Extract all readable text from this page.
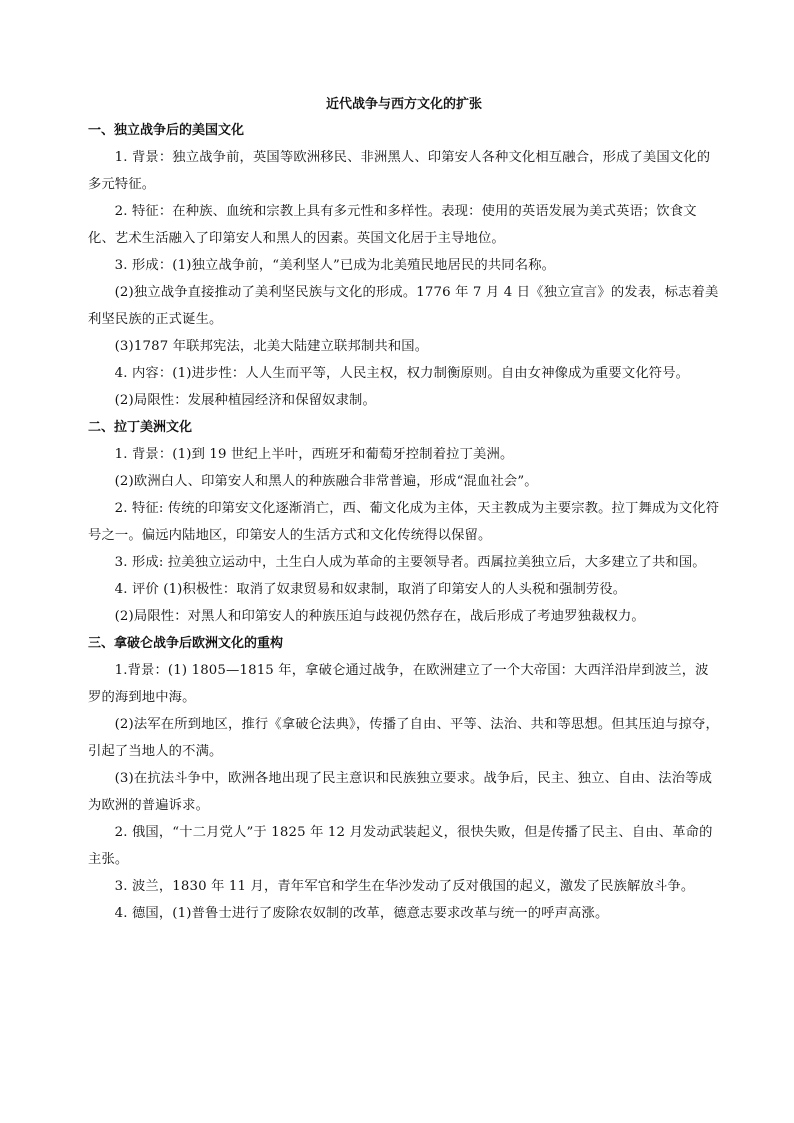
近代战争与西方文化的扩张
一、独立战争后的美国文化

1. 背景：独立战争前，英国等欧洲移民、非洲黑人、印第安人各种文化相互融合，形成了美国文化的多元特征。

2. 特征：在种族、血统和宗教上具有多元性和多样性。表现：使用的英语发展为美式英语；饮食文化、艺术生活融入了印第安人和黑人的因素。英国文化居于主导地位。

3. 形成：(1)独立战争前，“美利坚人”已成为北美殖民地居民的共同名称。

(2)独立战争直接推动了美利坚民族与文化的形成。1776 年 7 月 4 日《独立宣言》的发表，标志着美利坚民族的正式诞生。

(3)1787 年联邦宪法，北美大陆建立联邦制共和国。

4. 内容：(1)进步性：人人生而平等，人民主权，权力制衡原则。自由女神像成为重要文化符号。

(2)局限性：发展种植园经济和保留奴隶制。

二、拉丁美洲文化

1. 背景：(1)到 19 世纪上半叶，西班牙和葡萄牙控制着拉丁美洲。

(2)欧洲白人、印第安人和黑人的种族融合非常普遍，形成“混血社会”。

2. 特征: 传统的印第安文化逐渐消亡，西、葡文化成为主体，天主教成为主要宗教。拉丁舞成为文化符号之一。偏远内陆地区，印第安人的生活方式和文化传统得以保留。

3. 形成: 拉美独立运动中，土生白人成为革命的主要领导者。西属拉美独立后，大多建立了共和国。

4. 评价 (1)积极性：取消了奴隶贸易和奴隶制，取消了印第安人的人头税和强制劳役。

(2)局限性：对黑人和印第安人的种族压迫与歧视仍然存在，战后形成了考迪罗独裁权力。

三、拿破仑战争后欧洲文化的重构

1.背景：(1) 1805—1815 年，拿破仑通过战争，在欧洲建立了一个大帝国：大西洋沿岸到波兰，波罗的海到地中海。

(2)法军在所到地区，推行《拿破仑法典》，传播了自由、平等、法治、共和等思想。但其压迫与掠夺，引起了当地人的不满。

(3)在抗法斗争中，欧洲各地出现了民主意识和民族独立要求。战争后，民主、独立、自由、法治等成为欧洲的普遍诉求。

2. 俄国，“十二月党人”于 1825 年 12 月发动武装起义，很快失败，但是传播了民主、自由、革命的主张。

3. 波兰，1830 年 11 月，青年军官和学生在华沙发动了反对俄国的起义，激发了民族解放斗争。

4. 德国，(1)普鲁士进行了废除农奴制的改革，德意志要求改革与统一的呼声高涨。
